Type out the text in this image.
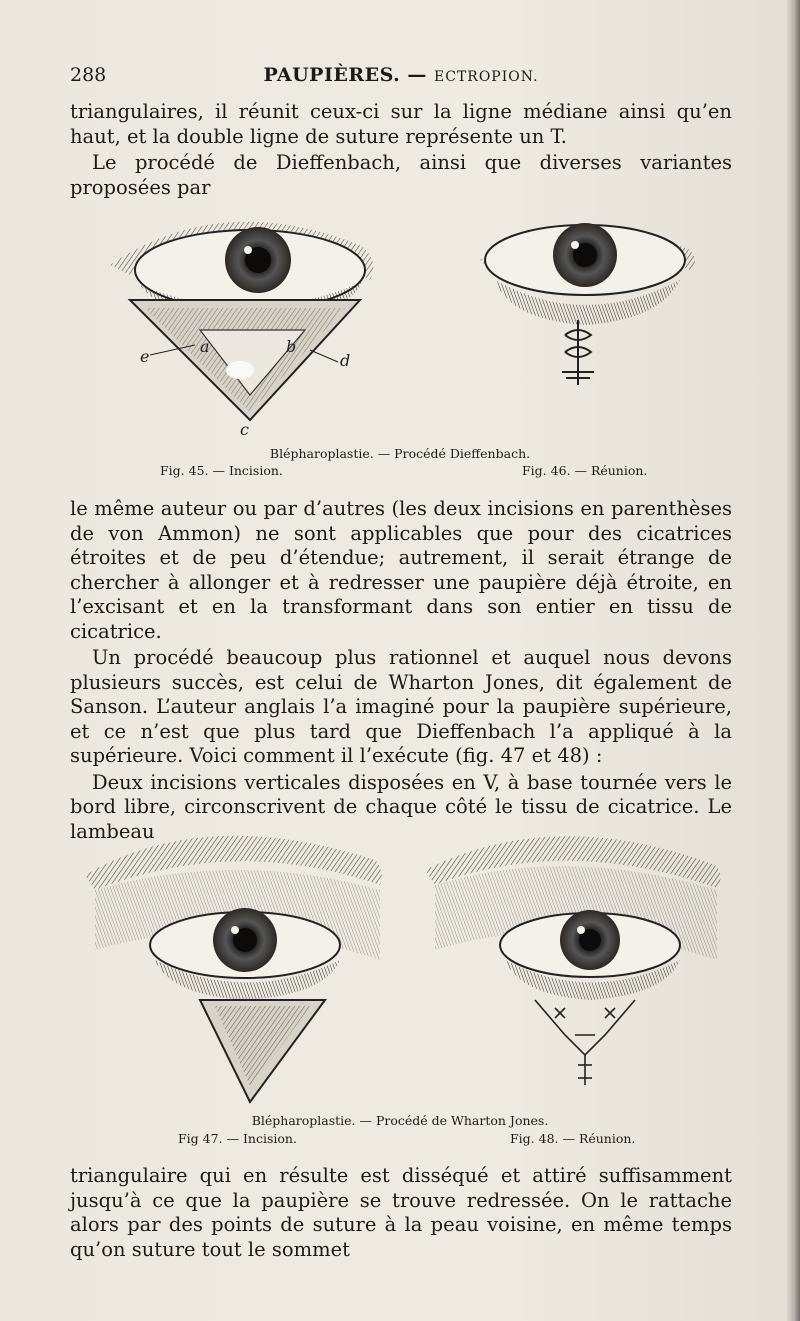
288	PAUPIÈRES. — ECTROPION.

triangulaires, il réunit ceux-ci sur la ligne médiane ainsi qu’en haut, et la double ligne de suture représente un T.

Le procédé de Dieffenbach, ainsi que diverses variantes proposées par

e
a	b
d
c
Blépharoplastie. — Procédé Dieffenbach.
Fig. 45. — Incision.	Fig. 46. — Réunion.

le même auteur ou par d’autres (les deux incisions en parenthèses de von Ammon) ne sont applicables que pour des cicatrices étroites et de peu d’étendue; autrement, il serait étrange de chercher à allonger et à redresser une paupière déjà étroite, en l’excisant et en la transformant dans son entier en tissu de cicatrice.

Un procédé beaucoup plus rationnel et auquel nous devons plusieurs succès, est celui de Wharton Jones, dit également de Sanson. L’auteur anglais l’a imaginé pour la paupière supérieure, et ce n’est que plus tard que Dieffenbach l’a appliqué à la supérieure. Voici comment il l’exécute (fig. 47 et 48) :

Deux incisions verticales disposées en V, à base tournée vers le bord libre, circonscrivent de chaque côté le tissu de cicatrice. Le lambeau

Blépharoplastie. — Procédé de Wharton Jones.
Fig 47. — Incision.	Fig. 48. — Réunion.

triangulaire qui en résulte est disséqué et attiré suffisamment jusqu’à ce que la paupière se trouve redressée. On le rattache alors par des points de suture à la peau voisine, en même temps qu’on suture tout le sommet
